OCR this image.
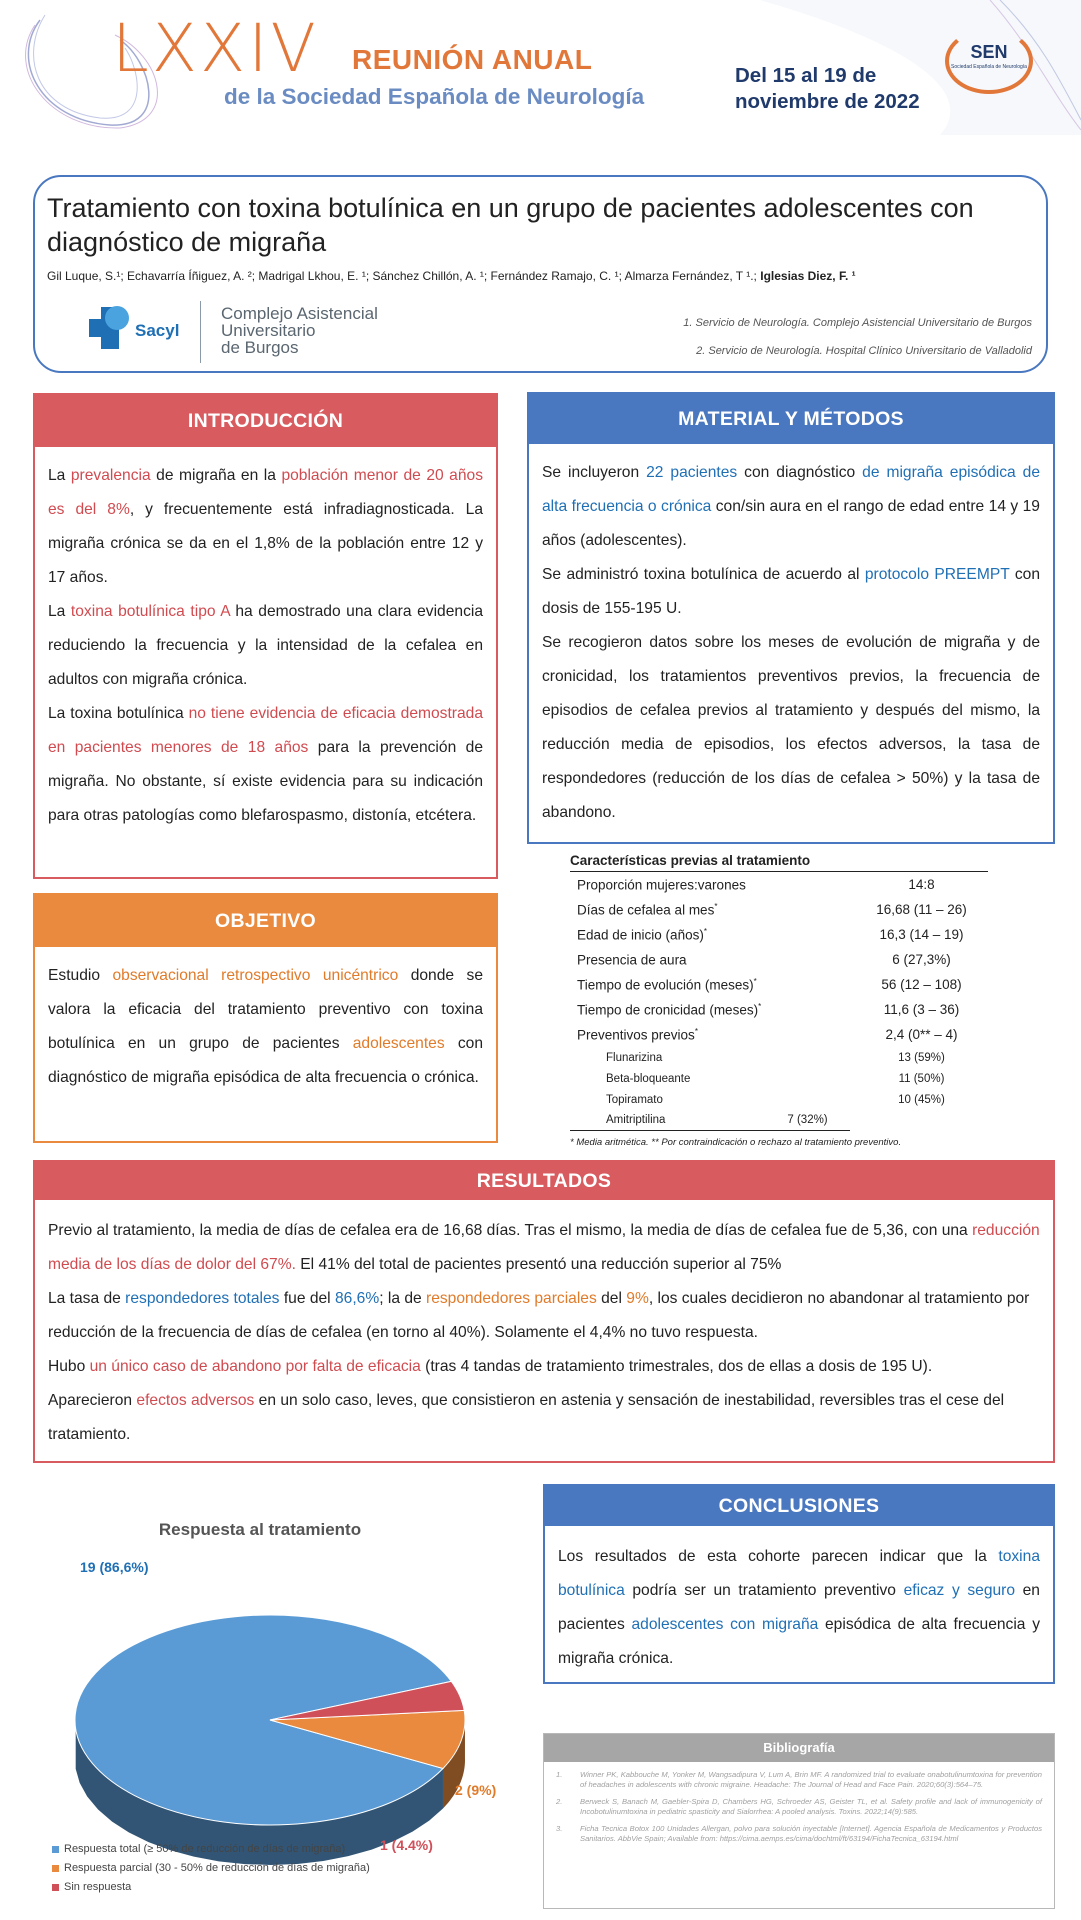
LXXIV REUNIÓN ANUAL
de la Sociedad Española de Neurología
Del 15 al 19 de
noviembre de 2022
SEN
Sociedad Española de Neurología
Tratamiento con toxina botulínica en un grupo de pacientes adolescentes con
diagnóstico de migraña
Gil Luque, S.¹; Echavarría Íñiguez, A. ²; Madrigal Lkhou, E. ¹; Sánchez Chillón, A. ¹; Fernández Ramajo, C. ¹; Almarza Fernández, T ¹.; Iglesias Diez, F. ¹
Sacyl
Complejo Asistencial
Universitario
de Burgos
1. Servicio de Neurología. Complejo Asistencial Universitario de Burgos
2. Servicio de Neurología. Hospital Clínico Universitario de Valladolid
INTRODUCCIÓN

La prevalencia de migraña en la población menor de 20 años es del 8%, y frecuentemente está infradiagnosticada. La migraña crónica se da en el 1,8% de la población entre 12 y 17 años.

La toxina botulínica tipo A ha demostrado una clara evidencia reduciendo la frecuencia y la intensidad de la cefalea en adultos con migraña crónica.

La toxina botulínica no tiene evidencia de eficacia demostrada en pacientes menores de 18 años para la prevención de migraña. No obstante, sí existe evidencia para su indicación para otras patologías como blefarospasmo, distonía, etcétera.

MATERIAL Y MÉTODOS

Se incluyeron 22 pacientes con diagnóstico de migraña episódica de alta frecuencia o crónica con/sin aura en el rango de edad entre 14 y 19 años (adolescentes).

Se administró toxina botulínica de acuerdo al protocolo PREEMPT con dosis de 155-195 U.

Se recogieron datos sobre los meses de evolución de migraña y de cronicidad, los tratamientos preventivos previos, la frecuencia de episodios de cefalea previos al tratamiento y después del mismo, la reducción media de episodios, los efectos adversos, la tasa de respondedores (reducción de los días de cefalea > 50%) y la tasa de abandono.

Características previas al tratamiento
Proporción mujeres:varones	14:8
Días de cefalea al mes*	16,68 (11 – 26)
Edad de inicio (años)*	16,3 (14 – 19)
Presencia de aura	6 (27,3%)
Tiempo de evolución (meses)*	56 (12 – 108)
Tiempo de cronicidad (meses)*	11,6 (3 – 36)
Preventivos previos*	2,4 (0** – 4)
Flunarizina	13 (59%)
Beta-bloqueante	11 (50%)
Topiramato	10 (45%)
Amitriptilina	7 (32%)
* Media aritmética. ** Por contraindicación o rechazo al tratamiento preventivo.
OBJETIVO

Estudio observacional retrospectivo unicéntrico donde se valora la eficacia del tratamiento preventivo con toxina botulínica en un grupo de pacientes adolescentes con diagnóstico de migraña episódica de alta frecuencia o crónica.

RESULTADOS

Previo al tratamiento, la media de días de cefalea era de 16,68 días. Tras el mismo, la media de días de cefalea fue de 5,36, con una reducción media de los días de dolor del 67%. El 41% del total de pacientes presentó una reducción superior al 75%

La tasa de respondedores totales fue del 86,6%; la de respondedores parciales del 9%, los cuales decidieron no abandonar al tratamiento por reducción de la frecuencia de días de cefalea (en torno al 40%). Solamente el 4,4% no tuvo respuesta.

Hubo un único caso de abandono por falta de eficacia (tras 4 tandas de tratamiento trimestrales, dos de ellas a dosis de 195 U).

Aparecieron efectos adversos en un solo caso, leves, que consistieron en astenia y sensación de inestabilidad, reversibles tras el cese del tratamiento.

Respuesta al tratamiento
19 (86,6%)
2 (9%)
1 (4.4%)
Respuesta total (≥ 50% de reducción de días de migraña)
Respuesta parcial (30 - 50% de reducción de días de migraña)
Sin respuesta
CONCLUSIONES

Los resultados de esta cohorte parecen indicar que la toxina botulínica podría ser un tratamiento preventivo eficaz y seguro en pacientes adolescentes con migraña episódica de alta frecuencia y migraña crónica.

Bibliografía
1.	Winner PK, Kabbouche M, Yonker M, Wangsadipura V, Lum A, Brin MF. A randomized trial to evaluate onabotulinumtoxina for prevention of headaches in adolescents with chronic migraine. Headache: The Journal of Head and Face Pain. 2020;60(3):564–75.
2.	Berweck S, Banach M, Gaebler-Spira D, Chambers HG, Schroeder AS, Geister TL, et al. Safety profile and lack of immunogenicity of Incobotulinumtoxina in pediatric spasticity and Sialorrhea: A pooled analysis. Toxins. 2022;14(9):585.
3.	Ficha Tecnica Botox 100 Unidades Allergan, polvo para solución inyectable [Internet]. Agencia Española de Medicamentos y Productos Sanitarios. AbbVie Spain; Available from: https://cima.aemps.es/cima/dochtml/ft/63194/FichaTecnica_63194.html
